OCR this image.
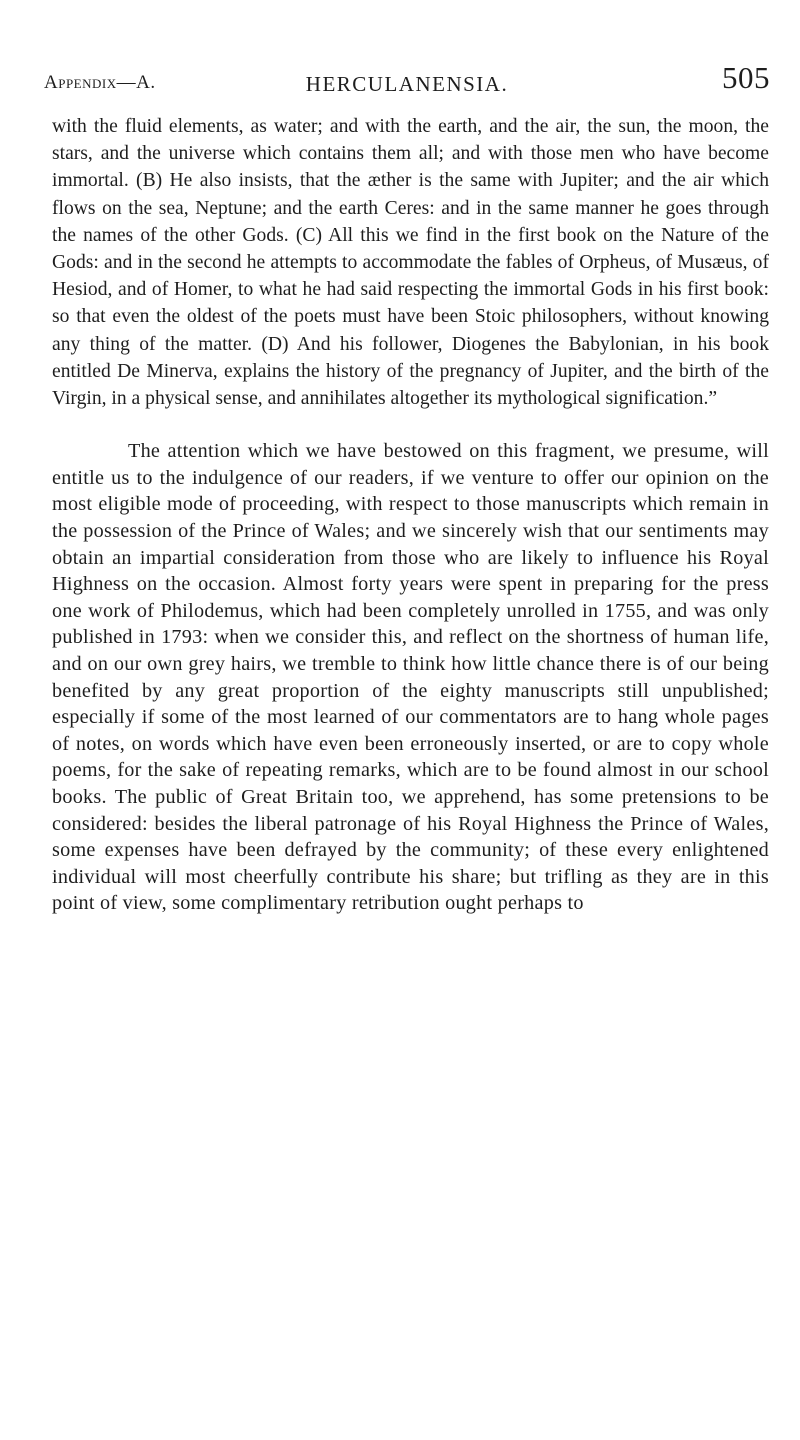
Appendix—A.	HERCULANENSIA.	505

with the fluid elements, as water; and with the earth, and the air, the sun, the moon, the stars, and the universe which contains them all; and with those men who have become immortal. (B) He also insists, that the æther is the same with Jupiter; and the air which flows on the sea, Neptune; and the earth Ceres: and in the same manner he goes through the names of the other Gods. (C) All this we find in the first book on the Nature of the Gods: and in the second he attempts to accommodate the fables of Orpheus, of Musæus, of Hesiod, and of Homer, to what he had said respecting the immortal Gods in his first book: so that even the oldest of the poets must have been Stoic philosophers, without knowing any thing of the matter. (D) And his follower, Diogenes the Babylonian, in his book entitled De Minerva, explains the history of the pregnancy of Jupiter, and the birth of the Virgin, in a physical sense, and annihilates altogether its mythological signification.”

The attention which we have bestowed on this fragment, we presume, will entitle us to the indulgence of our readers, if we venture to offer our opinion on the most eligible mode of proceeding, with respect to those manuscripts which remain in the possession of the Prince of Wales; and we sincerely wish that our sentiments may obtain an impartial consideration from those who are likely to influence his Royal Highness on the occasion. Almost forty years were spent in preparing for the press one work of Philodemus, which had been completely unrolled in 1755, and was only published in 1793: when we consider this, and reflect on the shortness of human life, and on our own grey hairs, we tremble to think how little chance there is of our being benefited by any great proportion of the eighty manuscripts still unpublished; especially if some of the most learned of our commentators are to hang whole pages of notes, on words which have even been erroneously inserted, or are to copy whole poems, for the sake of repeating remarks, which are to be found almost in our school books. The public of Great Britain too, we apprehend, has some pretensions to be considered: besides the liberal patronage of his Royal Highness the Prince of Wales, some expenses have been defrayed by the community; of these every enlightened individual will most cheerfully contribute his share; but trifling as they are in this point of view, some complimentary retribution ought perhaps to
